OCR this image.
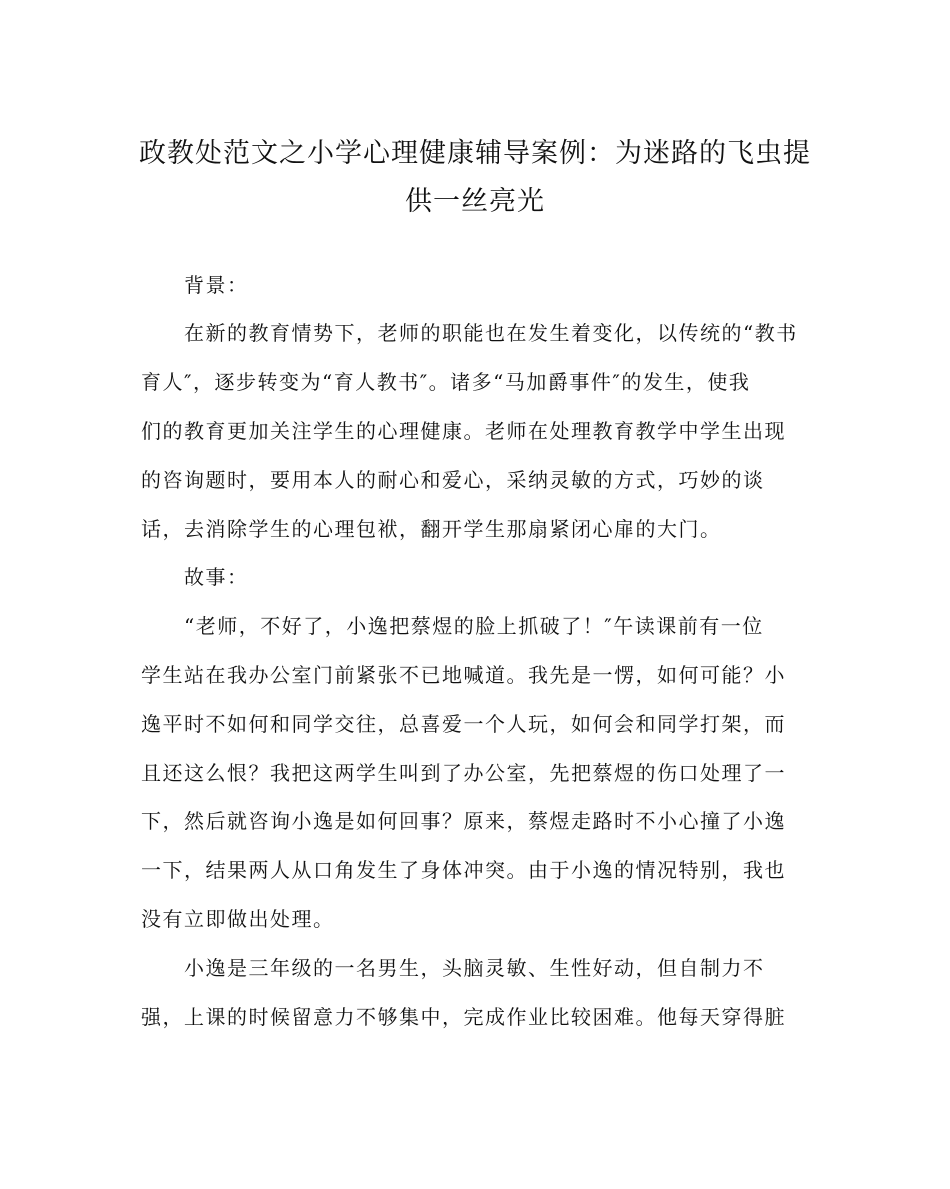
政教处范文之小学心理健康辅导案例：为迷路的飞虫提
供一丝亮光

背景：

在新的教育情势下，老师的职能也在发生着变化，以传统的“教书

育人″，逐步转变为“育人教书″。诸多“马加爵事件″的发生，使我

们的教育更加关注学生的心理健康。老师在处理教育教学中学生出现

的咨询题时，要用本人的耐心和爱心，采纳灵敏的方式，巧妙的谈

话，去消除学生的心理包袱，翻开学生那扇紧闭心扉的大门。

故事：

“老师，不好了，小逸把蔡煜的脸上抓破了！″午读课前有一位

学生站在我办公室门前紧张不已地喊道。我先是一愣，如何可能？小

逸平时不如何和同学交往，总喜爱一个人玩，如何会和同学打架，而

且还这么恨？我把这两学生叫到了办公室，先把蔡煜的伤口处理了一

下，然后就咨询小逸是如何回事？原来，蔡煜走路时不小心撞了小逸

一下，结果两人从口角发生了身体冲突。由于小逸的情况特别，我也

没有立即做出处理。

小逸是三年级的一名男生，头脑灵敏、生性好动，但自制力不

强，上课的时候留意力不够集中，完成作业比较困难。他每天穿得脏
